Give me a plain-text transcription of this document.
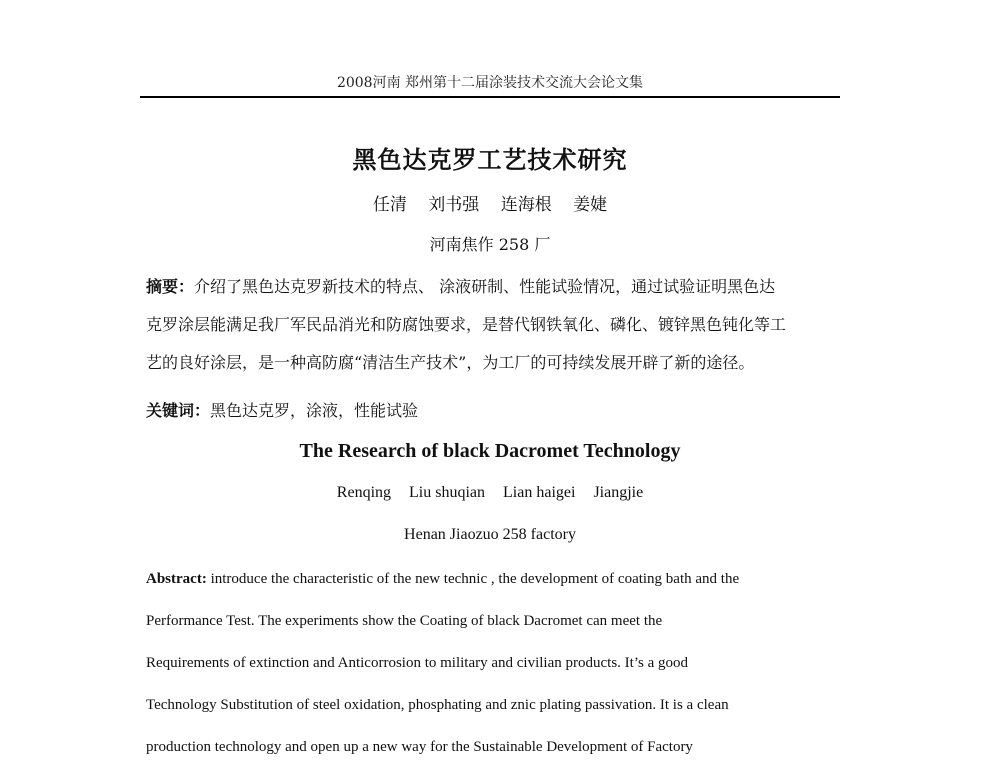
2008河南 郑州第十二届涂装技术交流大会论文集
黑色达克罗工艺技术研究
任清 刘书强 连海根 姜婕
河南焦作 258 厂
摘要：介绍了黑色达克罗新技术的特点、 涂液研制、性能试验情况，通过试验证明黑色达
克罗涂层能满足我厂军民品消光和防腐蚀要求，是替代钢铁氧化、磷化、镀锌黑色钝化等工
艺的良好涂层，是一种高防腐“清洁生产技术”，为工厂的可持续发展开辟了新的途径。
关键词：黑色达克罗，涂液，性能试验
The Research of black Dacromet Technology
Renqing Liu shuqian Lian haigei Jiangjie
Henan Jiaozuo 258 factory
Abstract: introduce the characteristic of the new technic , the development of coating bath and the
Performance Test. The experiments show the Coating of black Dacromet can meet the
Requirements of extinction and Anticorrosion to military and civilian products. It’s a good
Technology Substitution of steel oxidation, phosphating and znic plating passivation. It is a clean
production technology and open up a new way for the Sustainable Development of Factory
